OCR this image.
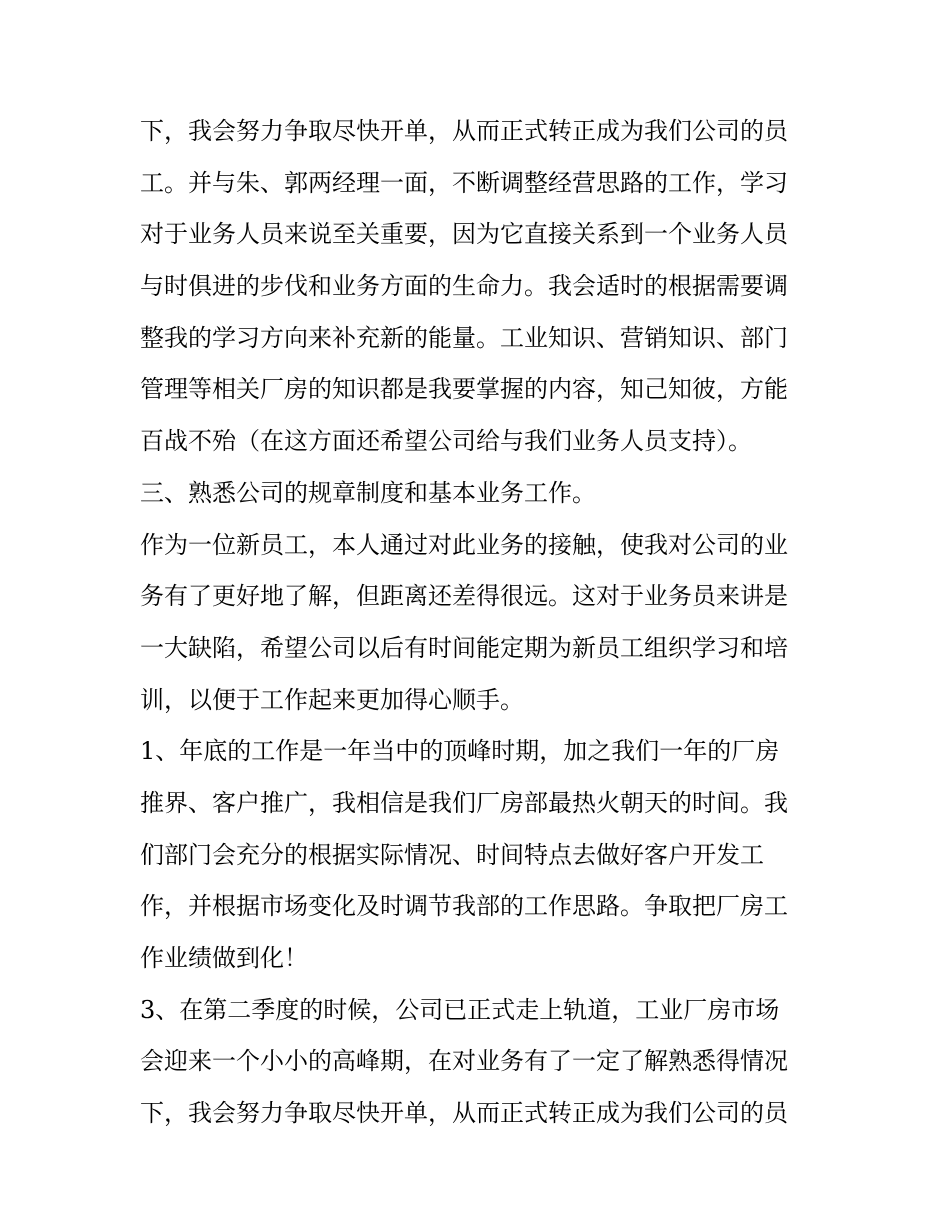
下，我会努力争取尽快开单，从而正式转正成为我们公司的员
工。并与朱、郭两经理一面，不断调整经营思路的工作，学习
对于业务人员来说至关重要，因为它直接关系到一个业务人员
与时俱进的步伐和业务方面的生命力。我会适时的根据需要调
整我的学习方向来补充新的能量。工业知识、营销知识、部门
管理等相关厂房的知识都是我要掌握的内容，知己知彼，方能
百战不殆（在这方面还希望公司给与我们业务人员支持）。
三、熟悉公司的规章制度和基本业务工作。
作为一位新员工，本人通过对此业务的接触，使我对公司的业
务有了更好地了解，但距离还差得很远。这对于业务员来讲是
一大缺陷，希望公司以后有时间能定期为新员工组织学习和培
训，以便于工作起来更加得心顺手。
1、年底的工作是一年当中的顶峰时期，加之我们一年的厂房
推界、客户推广，我相信是我们厂房部最热火朝天的时间。我
们部门会充分的根据实际情况、时间特点去做好客户开发工
作，并根据市场变化及时调节我部的工作思路。争取把厂房工
作业绩做到化！
3、在第二季度的时候，公司已正式走上轨道，工业厂房市场
会迎来一个小小的高峰期，在对业务有了一定了解熟悉得情况
下，我会努力争取尽快开单，从而正式转正成为我们公司的员
